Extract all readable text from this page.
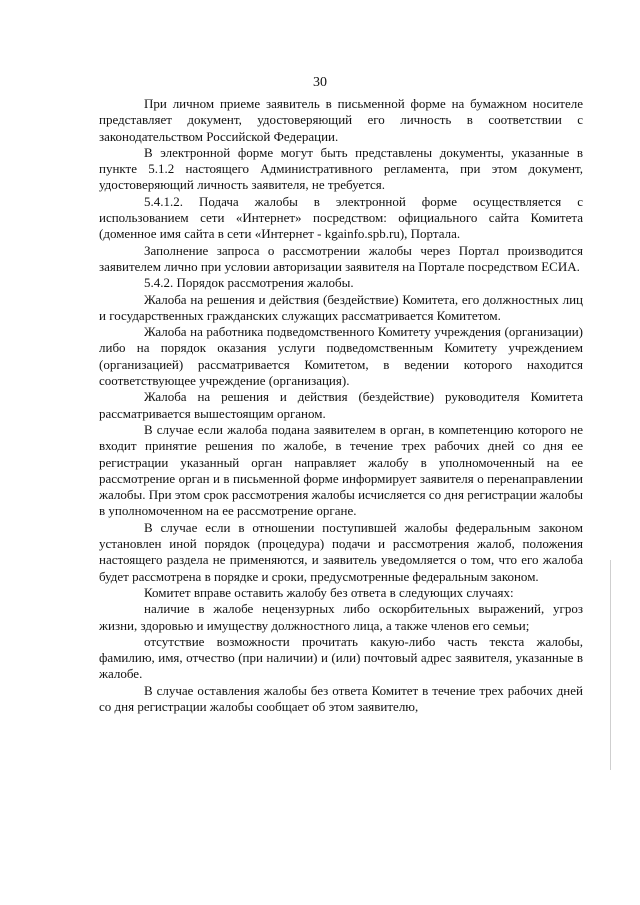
30

При личном приеме заявитель в письменной форме на бумажном носителе представляет документ, удостоверяющий его личность в соответствии с законодательством Российской Федерации.

В электронной форме могут быть представлены документы, указанные в пункте 5.1.2 настоящего Административного регламента, при этом документ, удостоверяющий личность заявителя, не требуется.

5.4.1.2. Подача жалобы в электронной форме осуществляется с использованием сети «Интернет» посредством: официального сайта Комитета (доменное имя сайта в сети «Интернет - kgainfo.spb.ru), Портала.

Заполнение запроса о рассмотрении жалобы через Портал производится заявителем лично при условии авторизации заявителя на Портале посредством ЕСИА.

5.4.2. Порядок рассмотрения жалобы.

Жалоба на решения и действия (бездействие) Комитета, его должностных лиц и государственных гражданских служащих рассматривается Комитетом.

Жалоба на работника подведомственного Комитету учреждения (организации) либо на порядок оказания услуги подведомственным Комитету учреждением (организацией) рассматривается Комитетом, в ведении которого находится соответствующее учреждение (организация).

Жалоба на решения и действия (бездействие) руководителя Комитета рассматривается вышестоящим органом.

В случае если жалоба подана заявителем в орган, в компетенцию которого не входит принятие решения по жалобе, в течение трех рабочих дней со дня ее регистрации указанный орган направляет жалобу в уполномоченный на ее рассмотрение орган и в письменной форме информирует заявителя о перенаправлении жалобы. При этом срок рассмотрения жалобы исчисляется со дня регистрации жалобы в уполномоченном на ее рассмотрение органе.

В случае если в отношении поступившей жалобы федеральным законом установлен иной порядок (процедура) подачи и рассмотрения жалоб, положения настоящего раздела не применяются, и заявитель уведомляется о том, что его жалоба будет рассмотрена в порядке и сроки, предусмотренные федеральным законом.

Комитет вправе оставить жалобу без ответа в следующих случаях:

наличие в жалобе нецензурных либо оскорбительных выражений, угроз жизни, здоровью и имуществу должностного лица, а также членов его семьи;

отсутствие возможности прочитать какую-либо часть текста жалобы, фамилию, имя, отчество (при наличии) и (или) почтовый адрес заявителя, указанные в жалобе.

В случае оставления жалобы без ответа Комитет в течение трех рабочих дней со дня регистрации жалобы сообщает об этом заявителю,
